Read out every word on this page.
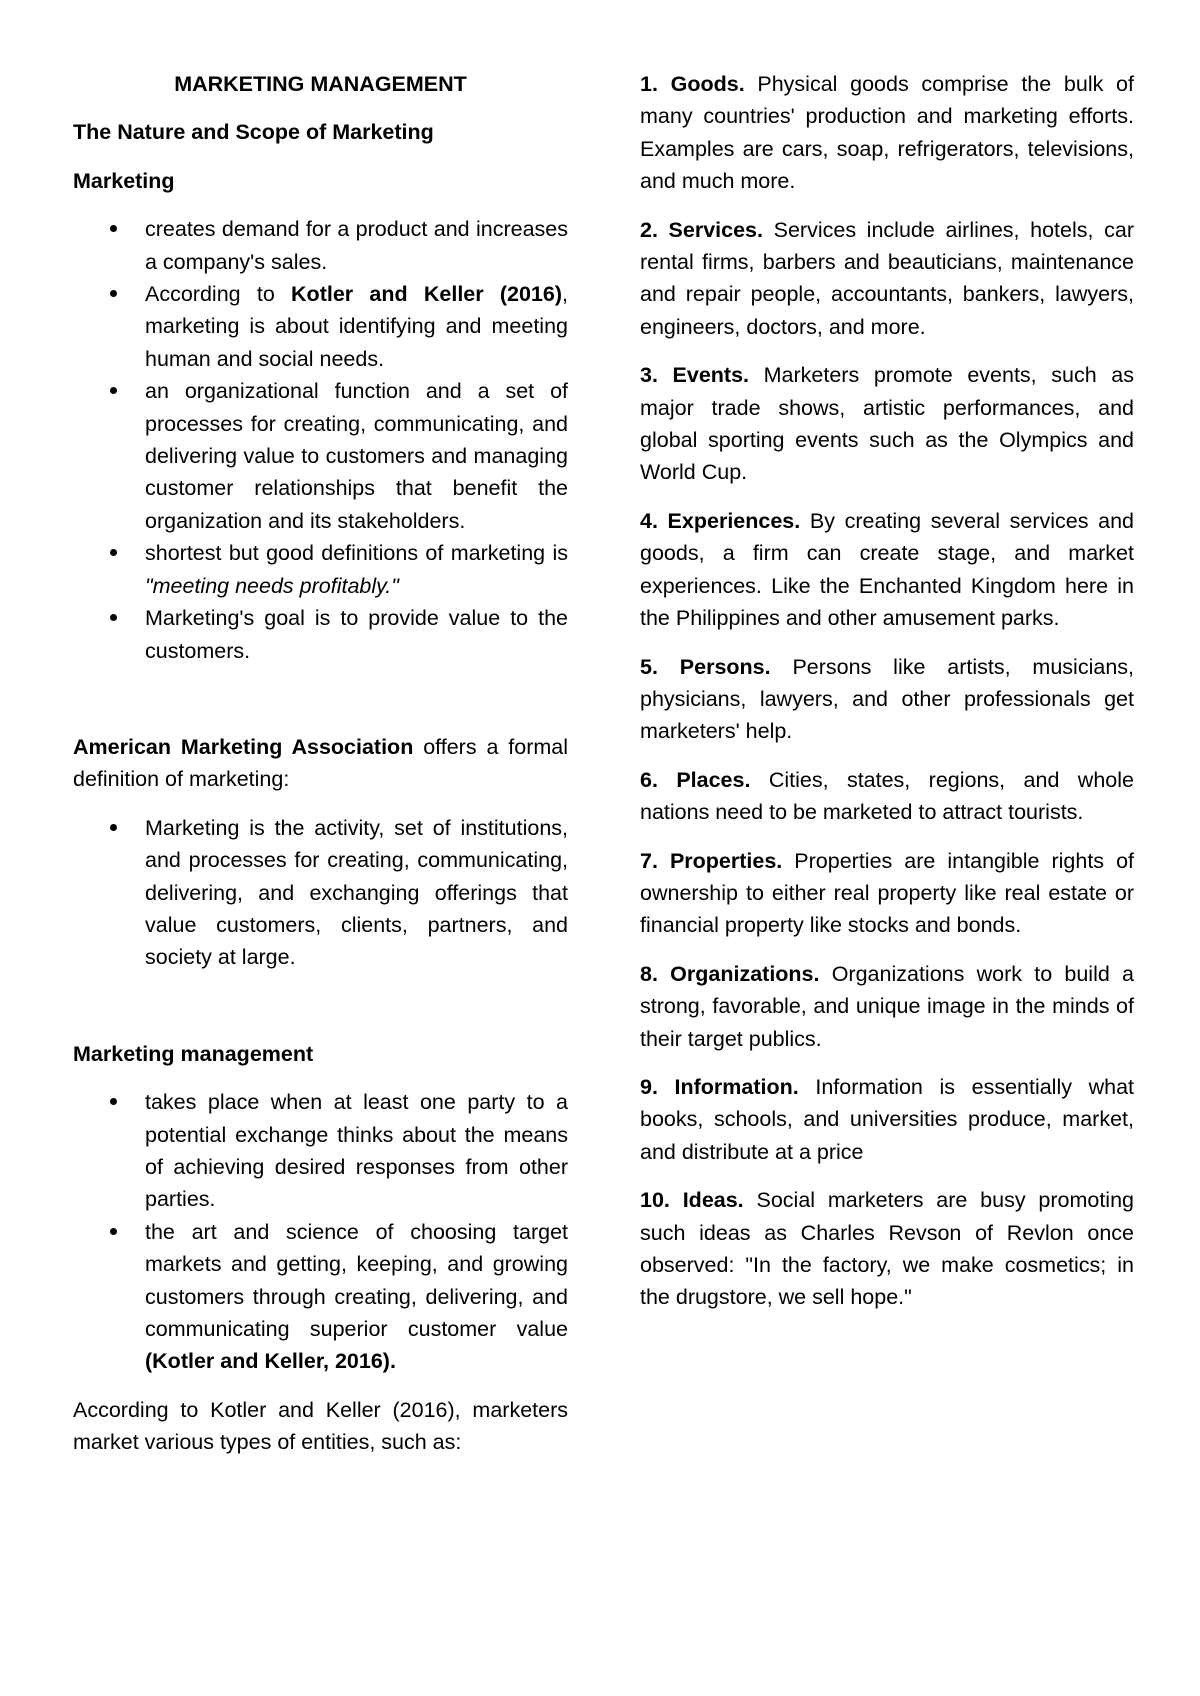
MARKETING MANAGEMENT

The Nature and Scope of Marketing

Marketing

creates demand for a product and increases a company's sales.
According to Kotler and Keller (2016), marketing is about identifying and meeting human and social needs.
an organizational function and a set of processes for creating, communicating, and delivering value to customers and managing customer relationships that benefit the organization and its stakeholders.
shortest but good definitions of marketing is "meeting needs profitably."
Marketing's goal is to provide value to the customers.

American Marketing Association offers a formal definition of marketing:

Marketing is the activity, set of institutions, and processes for creating, communicating, delivering, and exchanging offerings that value customers, clients, partners, and society at large.

Marketing management

takes place when at least one party to a potential exchange thinks about the means of achieving desired responses from other parties.
the art and science of choosing target markets and getting, keeping, and growing customers through creating, delivering, and communicating superior customer value (Kotler and Keller, 2016).

According to Kotler and Keller (2016), marketers market various types of entities, such as:

1. Goods. Physical goods comprise the bulk of many countries' production and marketing efforts. Examples are cars, soap, refrigerators, televisions, and much more.

2. Services. Services include airlines, hotels, car rental firms, barbers and beauticians, maintenance and repair people, accountants, bankers, lawyers, engineers, doctors, and more.

3. Events. Marketers promote events, such as major trade shows, artistic performances, and global sporting events such as the Olympics and World Cup.

4. Experiences. By creating several services and goods, a firm can create stage, and market experiences. Like the Enchanted Kingdom here in the Philippines and other amusement parks.

5. Persons. Persons like artists, musicians, physicians, lawyers, and other professionals get marketers' help.

6. Places. Cities, states, regions, and whole nations need to be marketed to attract tourists.

7. Properties. Properties are intangible rights of ownership to either real property like real estate or financial property like stocks and bonds.

8. Organizations. Organizations work to build a strong, favorable, and unique image in the minds of their target publics.

9. Information. Information is essentially what books, schools, and universities produce, market, and distribute at a price

10. Ideas. Social marketers are busy promoting such ideas as Charles Revson of Revlon once observed: "In the factory, we make cosmetics; in the drugstore, we sell hope."
